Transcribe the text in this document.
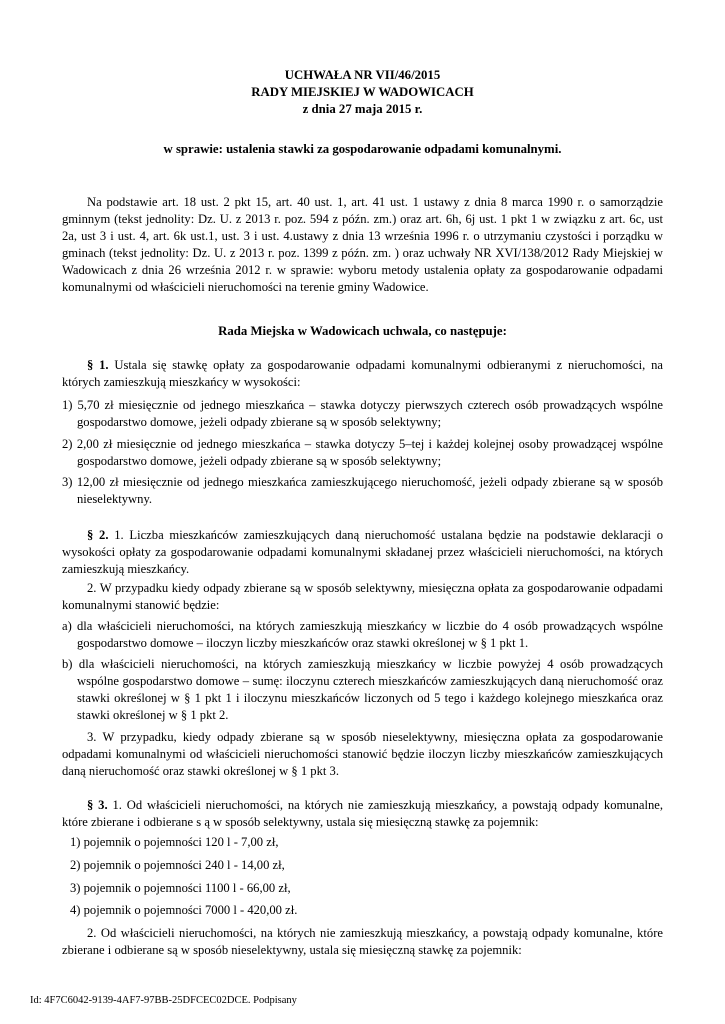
UCHWAŁA NR VII/46/2015
RADY MIEJSKIEJ W WADOWICACH
z dnia 27 maja 2015 r.
w sprawie: ustalenia stawki za gospodarowanie odpadami komunalnymi.
Na podstawie art. 18 ust. 2 pkt 15, art. 40 ust. 1, art. 41 ust. 1 ustawy z dnia 8 marca 1990 r. o samorządzie gminnym (tekst jednolity: Dz. U. z 2013 r. poz. 594 z późn. zm.) oraz art. 6h, 6j ust. 1 pkt 1 w związku z art. 6c, ust 2a, ust 3 i ust. 4, art. 6k ust.1, ust. 3 i ust. 4.ustawy z dnia 13 września 1996 r. o utrzymaniu czystości i porządku w gminach (tekst jednolity: Dz. U. z 2013 r. poz. 1399 z późn. zm. ) oraz uchwały NR XVI/138/2012 Rady Miejskiej w Wadowicach z dnia 26 września 2012 r. w sprawie: wyboru metody ustalenia opłaty za gospodarowanie odpadami komunalnymi od właścicieli nieruchomości na terenie gminy Wadowice.
Rada Miejska w Wadowicach uchwala, co następuje:
§ 1. Ustala się stawkę opłaty za gospodarowanie odpadami komunalnymi odbieranymi z nieruchomości, na których zamieszkują mieszkańcy w wysokości:
1) 5,70 zł miesięcznie od jednego mieszkańca – stawka dotyczy pierwszych czterech osób prowadzących wspólne gospodarstwo domowe, jeżeli odpady zbierane są w sposób selektywny;
2) 2,00 zł miesięcznie od jednego mieszkańca – stawka dotyczy 5–tej i każdej kolejnej osoby prowadzącej wspólne gospodarstwo domowe, jeżeli odpady zbierane są w sposób selektywny;
3) 12,00 zł miesięcznie od jednego mieszkańca zamieszkującego nieruchomość, jeżeli odpady zbierane są w sposób nieselektywny.
§ 2. 1. Liczba mieszkańców zamieszkujących daną nieruchomość ustalana będzie na podstawie deklaracji o wysokości opłaty za gospodarowanie odpadami komunalnymi składanej przez właścicieli nieruchomości, na których zamieszkują mieszkańcy.
2. W przypadku kiedy odpady zbierane są w sposób selektywny, miesięczna opłata za gospodarowanie odpadami komunalnymi stanowić będzie:
a) dla właścicieli nieruchomości, na których zamieszkują mieszkańcy w liczbie do 4 osób prowadzących wspólne gospodarstwo domowe – iloczyn liczby mieszkańców oraz stawki określonej w § 1 pkt 1.
b) dla właścicieli nieruchomości, na których zamieszkują mieszkańcy w liczbie powyżej 4 osób prowadzących wspólne gospodarstwo domowe – sumę: iloczynu czterech mieszkańców zamieszkujących daną nieruchomość oraz stawki określonej w § 1 pkt 1 i iloczynu mieszkańców liczonych od 5 tego i każdego kolejnego mieszkańca oraz stawki określonej w § 1 pkt 2.
3. W przypadku, kiedy odpady zbierane są w sposób nieselektywny, miesięczna opłata za gospodarowanie odpadami komunalnymi od właścicieli nieruchomości stanowić będzie iloczyn liczby mieszkańców zamieszkujących daną nieruchomość oraz stawki określonej w § 1 pkt 3.
§ 3. 1. Od właścicieli nieruchomości, na których nie zamieszkują mieszkańcy, a powstają odpady komunalne, które zbierane i odbierane s ą w sposób selektywny, ustala się miesięczną stawkę za pojemnik:
1) pojemnik o pojemności 120 l - 7,00 zł,
2) pojemnik o pojemności 240 l - 14,00 zł,
3) pojemnik o pojemności 1100 l - 66,00 zł,
4) pojemnik o pojemności 7000 l - 420,00 zł.
2. Od właścicieli nieruchomości, na których nie zamieszkują mieszkańcy, a powstają odpady komunalne, które zbierane i odbierane są w sposób nieselektywny, ustala się miesięczną stawkę za pojemnik:
Id: 4F7C6042-9139-4AF7-97BB-25DFCEC02DCE. Podpisany
